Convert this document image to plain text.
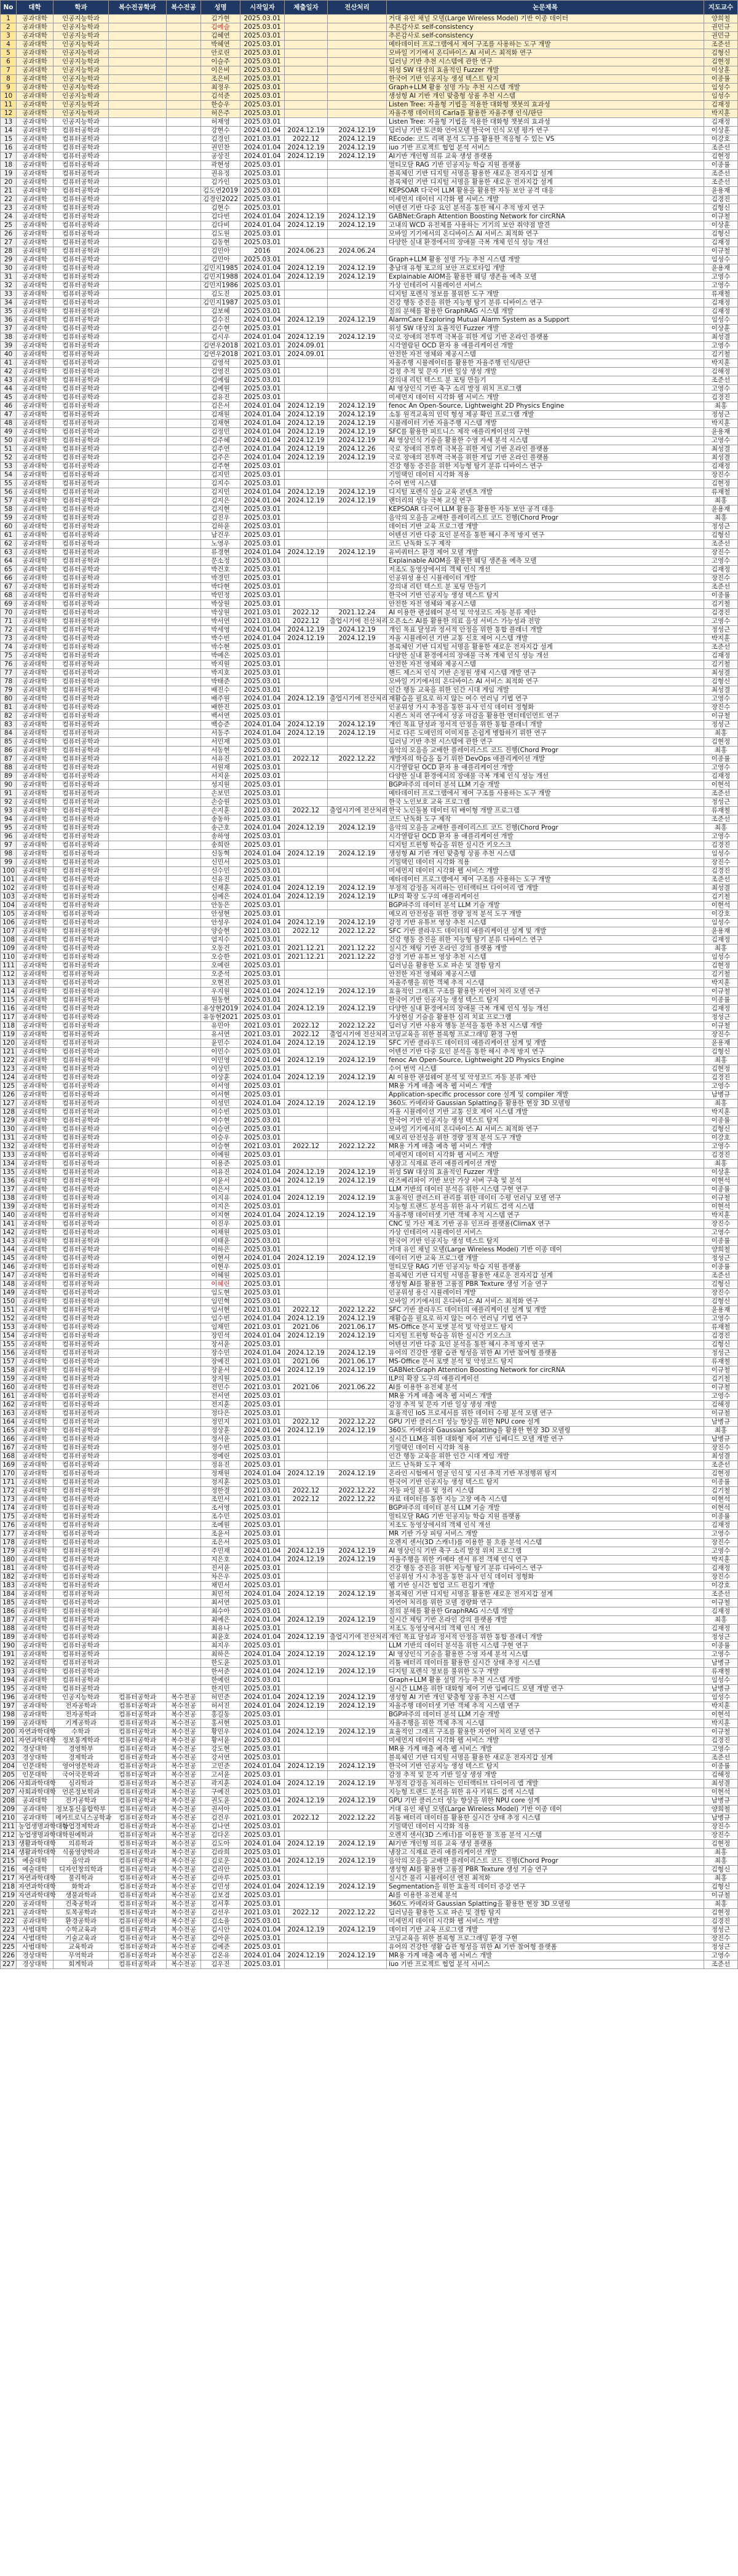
No	대학	학과	복수전공학과	복수전공	성명	시작일자	제출일자	전산처리	논문제목	지도교수
1	공과대학	인공지능학과			김가현	2025.03.01			거대 유인 채널 모델(Large Wireless Model) 기반 이종 데이터	양희철
2	공과대학	인공지능학과			김예슬	2025.03.01			추론감사로 self-consistency	권민규
3	공과대학	인공지능학과			김혜연	2025.03.01			추론감사로 self-consistency	권민규
4	공과대학	인공지능학과			박혜연	2025.03.01			메타데이터 프로그램에서 제어 구조를 사용하는 도구 개발	조준선
5	공과대학	인공지능학과			안로린	2025.03.01			모바일 기기에서 온디바이스 AI 서비스 최적화 연구	김형신
6	공과대학	인공지능학과			이슬주	2025.03.01			딥러닝 기반 추천 시스템에 관한 연구	김현정
7	공과대학	인공지능학과			이은비	2025.03.01			위성 SW 대상의 효율적인 Fuzzer 개발	이상훈
8	공과대학	인공지능학과			조은비	2025.03.01			한국어 기반 인공지능 생성 텍스트 탐지	이종률
9	공과대학	인공지능학과			최정우	2025.03.01			Graph+LLM 활용 설명 가능 추천 시스템 개발	임성수
10	공과대학	인공지능학과			김석준	2025.03.01			생성형 AI 기반 개인 맞춤형 상품 추천 시스템	임성수
11	공과대학	인공지능학과			한승우	2025.03.01			Listen Tree: 자율형 기법을 적용한 대화형 챗봇의 효과성	김재정
12	공과대학	인공지능학과			허은주	2025.03.01			자율주행 데이터의 Carla를 활용한 자율주행 인식/판단	박지훈
13	공과대학	인공지능학과			허재영	2025.03.01			Listen Tree: 자율형 기법을 적용한 대화형 챗봇의 효과성	김재정
14	공과대학	컴퓨터공학과			강현수	2024.01.04	2024.12.19	2024.12.19	딥러닝 기반 토큰화 언어모델 한국어 인식 모델 평가 연구	이상훈
15	공과대학	컴퓨터공학과			김경인	2021.03.01	2022.12	2024.12.19	REcode: 코드 리팩 분석 도구를 활용한 적응형 수 있는 VS	이강호
16	공과대학	컴퓨터공학과			권민찬	2024.01.04	2024.12.19	2024.12.19	iuo 기반 프로젝트 협업 분석 서비스	조준선
17	공과대학	컴퓨터공학과			공상진	2024.01.04	2024.12.19	2024.12.19	AI기반 개인형 의류 교육 생성 플랫폼	김현정
18	공과대학	컴퓨터공학과			곽현성	2025.03.01			멀티모달 RAG 기반 인공지능 학습 지원 플랫폼	이종률
19	공과대학	컴퓨터공학과			권유정	2025.03.01			블록체인 기반 디지털 서명을 활용한 새로운 전자지갑 설계	조준선
20	공과대학	컴퓨터공학과			김가인	2025.03.01			블록체인 기반 디지털 서명을 활용한 새로운 전자지갑 설계	조준선
21	공과대학	컴퓨터공학과			김도연2019	2025.03.01			KEPSOAR 다국어 LLM 활용을 활용한 자동 보안 공격 대응	윤용재
22	공과대학	컴퓨터공학과			김경인2022	2025.03.01			미세먼지 데이터 시각화 웹 서비스 개발	김경진
23	공과대학	컴퓨터공학과			김현수	2025.03.01			어텐션 기반 다중 요인 분석을 통한 해시 추적 방지 연구	김형신
24	공과대학	컴퓨터공학과			김다빈	2024.01.04	2024.12.19	2024.12.19	GABNet:Graph Attention Boosting Network for circRNA	이규철
25	공과대학	컴퓨터공학과			김다비	2024.01.04	2024.12.19	2024.12.19	고내의 WCD 유전체를 사용하는 기기의 보안 취약점 발견	이상훈
26	공과대학	컴퓨터공학과			김도원	2025.03.01			모바일 기기에서의 온디바이스 AI 서비스 최적화 연구	김형신
27	공과대학	컴퓨터공학과			김동현	2025.03.01			다양한 실내 환경에서의 장애물 극복 개체 인식 성능 개선	김재정
28	공과대학	컴퓨터공학과			김민아	2016	2024.06.23	2024.06.24		이규철
29	공과대학	컴퓨터공학과			김민아	2025.03.01			Graph+LLM 활용 설명 가능 추천 시스템 개발	임성수
30	공과대학	컴퓨터공학과			김민지1985	2024.01.04	2024.12.19	2024.12.19	충남대 유형 포고의 보안 프로토타입 개발	윤용재
31	공과대학	컴퓨터공학과			김민지1988	2024.01.04	2024.12.19	2024.12.19	Explainable AIOM을 활용한 웨딩 생존율 예측 모델	고영수
32	공과대학	컴퓨터공학과			김민지1986	2025.03.01			가상 인테리어 시뮬레이션 서비스	고영수
33	공과대학	컴퓨터공학과			김도진	2025.03.01			디지털 포렌식 정보를 불위한 도구 개발	류재철
34	공과대학	컴퓨터공학과			김민지1987	2025.03.01			건강 행동 증진을 위한 지능형 탐기 분류 디바이스 연구	김재정
35	공과대학	컴퓨터공학과			김보혜	2025.03.01			질의 분해를 활용한 GraphRAG 시스템 개발	김재정
36	공과대학	컴퓨터공학과			김수진	2024.01.04	2024.12.19	2024.12.19	AlarmCare Exploring Mutual Alarm System as a Support	임성수
37	공과대학	컴퓨터공학과			김수현	2025.03.01			위성 SW 대상의 효율적인 Fuzzer 개발	이상훈
38	공과대학	컴퓨터공학과			김시우	2024.01.04	2024.12.19	2024.12.19	국로 장애의 전투력 극복을 위한 게임 기반 온라인 플랫폼	최성결
39	공과대학	컴퓨터공학과			김연우2018	2021.03.01	2024.09.01		시각열람된 OCD 환자 용 애플리케이션 개발	고영수
40	공과대학	컴퓨터공학과			김연우2018	2021.03.01	2024.09.01		안전한 자전 영체와 제공시스템	김기철
41	공과대학	컴퓨터공학과			김영석	2025.03.01			자율주행 시뮬레이터를 활용한 자율주행 인식/판단	박지훈
42	공과대학	컴퓨터공학과			김영진	2025.03.01			검정 추적 및 문자 기반 일상 생성 개발	김해정
43	공과대학	컴퓨터공학과			김예림	2025.03.01			강의내 리턴 텍스트 분 포팅 만들기	조준선
44	공과대학	컴퓨터공학과			김예원	2025.03.01			AI 영상인식 기반 축구 소리 발정 위치 프로그램	고영수
45	공과대학	컴퓨터공학과			김유진	2025.03.01			미세먼지 데이터 시각화 웹 서비스 개발	김경진
46	공과대학	컴퓨터공학과			김은서	2024.01.04	2024.12.19	2024.12.19	fenoc An Open-Source, Lightweight 2D Physics Engine	최홍
47	공과대학	컴퓨터공학과			김재원	2024.01.04	2024.12.19	2024.12.19	소통 원격교육의 인덕 형성 제공 확인 프로그램 개발	정성근
48	공과대학	컴퓨터공학과			김재현	2024.01.04	2024.12.19	2024.12.19	시뮬레이터 기반 자율주행 시스템 개발	박지훈
49	공과대학	컴퓨터공학과			김정민	2024.01.04	2024.12.19	2024.12.19	SFC를 활용한 피트니스 제작 애플리케이션의 구현	윤용재
50	공과대학	컴퓨터공학과			김주혜	2024.01.04	2024.12.19	2024.12.19	AI 영상인식 기술을 활용한 수영 자세 분석 시스템	고영수
51	공과대학	컴퓨터공학과			김주연	2024.01.04	2024.12.19	2024.12.26	국로 장애의 전투력 극복을 위한 게임 기반 온라인 플랫폼	최성결
52	공과대학	컴퓨터공학과			김주은	2024.01.04	2024.12.19	2024.12.19	국로 장애의 전투력 극복을 위한 게임 기반 온라인 플랫폼	최성결
53	공과대학	컴퓨터공학과			김주현	2025.03.01			건강 행동 증진을 위한 지능형 탐기 분류 디바이스 연구	김재정
54	공과대학	컴퓨터공학과			김지민	2025.03.01			기밀택인 데이터 시각화 적용	장진수
55	공과대학	컴퓨터공학과			김지수	2025.03.01			수어 번역 시스템	김현정
56	공과대학	컴퓨터공학과			김지민	2024.01.04	2024.12.19	2024.12.19	디지털 포렌식 실습 교육 콘텐츠 개발	류재철
57	공과대학	컴퓨터공학과			김지은	2024.01.04	2024.12.19	2024.12.19	랜더리의 성능 극복 교실 연구	최홍
58	공과대학	컴퓨터공학과			김지현	2025.03.01			KEPSOAR 다국어 LLM 활용을 활용한 자동 보안 공격 대응	윤용재
59	공과대학	컴퓨터공학과			김진우	2025.03.01			음악의 모음을 교배한 플레이리스트 코드 진행(Chord Progr	최홍
60	공과대학	컴퓨터공학과			김하윤	2025.03.01			데이터 기반 교육 프로그램 개발	정성근
61	공과대학	컴퓨터공학과			남건우	2025.03.01			어텐션 기반 다중 요인 분석을 통한 해시 추적 방지 연구	김형신
62	공과대학	컴퓨터공학과			노영우	2025.03.01			코드 난독화 도구 제작	조준선
63	공과대학	컴퓨터공학과			류경현	2024.01.04	2024.12.19	2024.12.19	유비쿼터스 환경 제어 모델 개발	장진수
64	공과대학	컴퓨터공학과			문소정	2025.03.01			Explainable AIOM을 활용한 웨딩 생존율 예측 모델	고영수
65	공과대학	컴퓨터공학과			박건호	2025.03.01			저조도 동영상에서의 객체 인식 개선	김재정
66	공과대학	컴퓨터공학과			박경민	2025.03.01			인공위성 용신 시뮬레이터 개발	장진수
67	공과대학	컴퓨터공학과			박다현	2025.03.01			강의내 리턴 텍스트 분 포팅 만들기	조준선
68	공과대학	컴퓨터공학과			박민정	2025.03.01			한국어 기반 인공지능 생성 텍스트 탐지	이종률
69	공과대학	컴퓨터공학과			박상원	2025.03.01			안전한 자전 영체와 제공시스템	김기철
70	공과대학	컴퓨터공학과			박상원	2021.03.01	2022.12	2021.12.24	AI 이용한 랜섬웨어 분석 및 악성코드 자동 분류 제안	김경진
71	공과대학	컴퓨터공학과			박서연	2021.03.01	2022.12	출업시기에 전산처리	오픈소스 AI를 활용한 의료 음성 서비스 가능성과 전망	고영수
72	공과대학	컴퓨터공학과			박세영	2024.01.04	2024.12.19	2024.12.19	개인 목표 달성과 정서적 안정을 위한 통합 플래너 개발	정성근
73	공과대학	컴퓨터공학과			박수빈	2024.01.04	2024.12.19	2024.12.19	자율 시뮬레이션 기반 교통 신호 제어 시스템 개발	박지훈
74	공과대학	컴퓨터공학과			박수현	2025.03.01			블록체인 기반 디지털 서명을 활용한 새로운 전자지갑 설계	조준선
75	공과대학	컴퓨터공학과			박예은	2025.03.01			다양한 실내 환경에서의 장애물 극복 개체 인식 성능 개선	김재정
76	공과대학	컴퓨터공학과			박지원	2025.03.01			안전한 자전 영체와 제공시스템	김기철
77	공과대학	컴퓨터공학과			박지호	2025.03.01			핸드 제스처 인식 기반 손정원 생체 시스템 개발 연구	최성결
78	공과대학	컴퓨터공학과			박태준	2025.03.01			모바일 기기에서의 온디바이스 AI 서비스 최적화 연구	김형신
79	공과대학	컴퓨터공학과			배진수	2025.03.01			인간 행동 교육을 위한 인간 시대 게임 개발	최성결
80	공과대학	컴퓨터공학과			배주원	2024.01.04	2024.12.19	출업시기에 전산처리	재활습을 필요로 하지 않는 여수 언러닝 기법 연구	고영수
81	공과대학	컴퓨터공학과			배한진	2025.03.01			인공위성 가시 추정을 통한 유사 인식 데이터 정형화	장진수
82	공과대학	컴퓨터공학과			백서연	2025.03.01			시퀀스 처리 연구에서 성공 마감을 활용한 엔터테인먼트 연구	이규철
83	공과대학	컴퓨터공학과			백승준	2024.01.04	2024.12.19	2024.12.19	개인 목표 달성과 정서적 안정을 위한 통합 플래너 개발	정성근
84	공과대학	컴퓨터공학과			서동주	2024.01.04	2024.12.19	2024.12.19	서로 다른 도메인의 이미지를 손쉽게 병합하기 위한 연구	최홍
85	공과대학	컴퓨터공학과			서민재	2025.03.01			딥러닝 기반 추천 시스템에 관한 연구	김현정
86	공과대학	컴퓨터공학과			서동현	2025.03.01			음악의 모음을 교배한 플레이리스트 코드 진행(Chord Progr	최홍
87	공과대학	컴퓨터공학과			서유진	2021.03.01	2022.12	2022.12.22	개발자의 학습을 돕기 위한 DevOps 애플리케이션 개발	이종률
88	공과대학	컴퓨터공학과			서원재	2025.03.01			시각열람된 OCD 환자 용 애플리케이션 개발	고영수
89	공과대학	컴퓨터공학과			서지윤	2025.03.01			다양한 실내 환경에서의 장애물 극복 개체 인식 성능 개선	김재정
90	공과대학	컴퓨터공학과			성지원	2025.03.01			BGP파주의 데이터 분석 LLM 기술 개발	이현석
91	공과대학	컴퓨터공학과			손보민	2025.03.01			메타데이터 프로그램에서 제어 구조를 사용하는 도구 개발	조준선
92	공과대학	컴퓨터공학과			손승원	2025.03.01			한국 노인보호 교육 프로그램	정성근
93	공과대학	컴퓨터공학과			손지훈	2021.03.01	2022.12	출업시기에 전산처리	한국 노인돌봄 데이터 뒤 배이형 개발 프로그램	류재철
94	공과대학	컴퓨터공학과			송동하	2025.03.01			코드 난독화 도구 제작	조준선
95	공과대학	컴퓨터공학과			송근호	2024.01.04	2024.12.19	2024.12.19	음악의 모음을 교배한 플레이리스트 코드 진행(Chord Progr	최홍
96	공과대학	컴퓨터공학과			송하영	2025.03.01			시각열람된 OCD 환자 용 애플리케이션 개발	고영수
97	공과대학	컴퓨터공학과			송희란	2025.03.01			디지털 트윈형 학습을 위한 실시간 키오스크	김경진
98	공과대학	컴퓨터공학과			신동혁	2024.01.04	2024.12.19	2024.12.19	생성형 AI 기반 개인 맞춤형 상품 추천 시스템	임성수
99	공과대학	컴퓨터공학과			신민서	2025.03.01			기밀택인 데이터 시각화 적용	장진수
100	공과대학	컴퓨터공학과			신수민	2025.03.01			미세먼지 데이터 시각화 웹 서비스 개발	김경진
101	공과대학	컴퓨터공학과			신유진	2025.03.01			메타데이터 프로그램에서 제어 구조를 사용하는 도구 개발	조준선
102	공과대학	컴퓨터공학과			신재훈	2024.01.04	2024.12.19	2024.12.19	부정적 감정을 처리하는 인터랙티브 다이어리 앱 개발	최성결
103	공과대학	컴퓨터공학과			심예은	2024.01.04	2024.12.19	2024.12.19	ILP의 확장 도구의 애플리케이션	김기철
104	공과대학	컴퓨터공학과			안동은	2025.03.01			BGP파주의 데이터 분석 LLM 기술 개발	이현석
105	공과대학	컴퓨터공학과			안성현	2025.03.01			메모리 안전성을 위한 경량 정적 분석 도구 개발	이강호
106	공과대학	컴퓨터공학과			안성우	2024.01.04	2024.12.19	2024.12.19	감정 기반 유튜브 영상 추천 시스템	임성수
107	공과대학	컴퓨터공학과			양승현	2021.03.01	2022.12	2022.12.22	SFC 기반 클라우드 데이터의 애플리케이션 설계 및 개발	윤용재
108	공과대학	컴퓨터공학과			엄지수	2025.03.01			건강 행동 증진을 위한 지능형 탐기 분류 디바이스 연구	김재정
109	공과대학	컴퓨터공학과			오동건	2021.03.01	2021.12.21	2021.12.22	실시간 채팅 기반 온라인 강의 플랫폼 개발	최홍
110	공과대학	컴퓨터공학과			오승한	2021.03.01	2021.12.21	2021.12.22	감정 기반 유튜브 영상 추천 시스템	임성수
111	공과대학	컴퓨터공학과			오예린	2025.03.01			딥러닝을 활용한 도로 파손 및 결함 탐지	김현정
112	공과대학	컴퓨터공학과			오준석	2025.03.01			안전한 자전 영체와 제공시스템	김기철
113	공과대학	컴퓨터공학과			오현진	2025.03.01			자율주행을 위한 객체 추적 시스템	박지훈
114	공과대학	컴퓨터공학과			우지원	2024.01.04	2024.12.19	2024.12.19	효율적인 그래프 구조를 활용한 자연어 처리 모델 연구	이규철
115	공과대학	컴퓨터공학과			원동현	2025.03.01			한국어 기반 인공지능 생성 텍스트 탐지	이종률
116	공과대학	컴퓨터공학과			유상현2019	2024.01.04	2024.12.19	2024.12.19	다양한 실내 환경에서의 장애물 극복 개체 인식 성능 개선	김재정
117	공과대학	컴퓨터공학과			유동현2021	2025.03.01			가상현실 기술을 활용한 심리 치료 프로그램	정성근
118	공과대학	컴퓨터공학과			유민아	2021.03.01	2022.12	2022.12.22	딥러닝 기반 사용자 행동 분석을 통한 추천 시스템 개발	이규철
119	공과대학	컴퓨터공학과			유서연	2021.03.01	2022.12	출업시기에 전산처리	코딩교육을 위한 블록형 프로그래밍 환경 구현	장진수
120	공과대학	컴퓨터공학과			윤민수	2024.01.04	2024.12.19	2024.12.19	SFC 기반 클라우드 데이터의 애플리케이션 설계 및 개발	윤용재
121	공과대학	컴퓨터공학과			이민수	2025.03.01			어텐션 기반 다중 요인 분석을 통한 해시 추적 방지 연구	김형신
122	공과대학	컴퓨터공학과			이민영	2024.01.04	2024.12.19	2024.12.19	fenoc An Open-Source, Lightweight 2D Physics Engine	최홍
123	공과대학	컴퓨터공학과			이상민	2025.03.01			수어 번역 시스템	김현정
124	공과대학	컴퓨터공학과			이상훈	2024.01.04	2024.12.19	2024.12.19	AI 이용한 랜섬웨어 분석 및 악성코드 자동 분류 제안	김경진
125	공과대학	컴퓨터공학과			이서영	2025.03.01			MR용 가계 매출 예측 웹 서비스 개발	고영수
126	공과대학	컴퓨터공학과			이서현	2025.03.01			Application-specific processor core 설계 및 compiler 개발	남병규
127	공과대학	컴퓨터공학과			이성민	2024.01.04	2024.12.19	2024.12.19	360도 카메라와 Gaussian Splatting을 활용한 현장 3D 모델링	최홍
128	공과대학	컴퓨터공학과			이수빈	2025.03.01			자율 시뮬레이션 기반 교통 신호 제어 시스템 개발	박지훈
129	공과대학	컴퓨터공학과			이수현	2025.03.01			한국어 기반 인공지능 생성 텍스트 탐지	이종률
130	공과대학	컴퓨터공학과			이승연	2025.03.01			모바일 기기에서의 온디바이스 AI 서비스 최적화 연구	김형신
131	공과대학	컴퓨터공학과			이승우	2025.03.01			메모리 안전성을 위한 경량 정적 분석 도구 개발	이강호
132	공과대학	컴퓨터공학과			이승현	2021.03.01	2022.12	2022.12.22	MR용 가계 매출 예측 웹 서비스 개발	고영수
133	공과대학	컴퓨터공학과			이예원	2025.03.01			미세먼지 데이터 시각화 웹 서비스 개발	김경진
134	공과대학	컴퓨터공학과			이용준	2025.03.01			냉장고 식재료 관리 애플리케이션 개발	최홍
135	공과대학	컴퓨터공학과			이유진	2024.01.04	2024.12.19	2024.12.19	위성 SW 대상의 효율적인 Fuzzer 개발	이상훈
136	공과대학	컴퓨터공학과			이윤서	2024.01.04	2024.12.19	2024.12.19	라즈베리파이 기반 보안 가상 서버 구축 및 분석	이현석
137	공과대학	컴퓨터공학과			이은서	2025.03.01			LLM 기반의 데이터 분석을 위한 시스템 구현 연구	이종률
138	공과대학	컴퓨터공학과			이지유	2024.01.04	2024.12.19	2024.12.19	효율적인 클러스터 관리를 위한 데이터 수평 언러닝 모델 연구	이규철
139	공과대학	컴퓨터공학과			이지은	2025.03.01			지능형 트랜드 분석을 위한 유사 키워드 검색 시스템	이현석
140	공과대학	컴퓨터공학과			이지현	2024.01.04	2024.12.19	2024.12.19	자율주행 데이터셋 기반 객체 추적 시스템 연구	박지훈
141	공과대학	컴퓨터공학과			이진우	2025.03.01			CNC 및 가산 제조 기반 공유 인프라 플랫폼(ClimaX 연구	장진수
142	공과대학	컴퓨터공학과			이채원	2025.03.01			가상 인테리어 시뮬레이션 서비스	고영수
143	공과대학	컴퓨터공학과			이태윤	2025.03.01			한국어 기반 인공지능 생성 텍스트 탐지	이종률
144	공과대학	컴퓨터공학과			이하은	2025.03.01			거대 유인 채널 모델(Large Wireless Model) 기반 이종 데이	양희철
145	공과대학	컴퓨터공학과			이현서	2024.01.04	2024.12.19	2024.12.19	데이터 기반 교육 프로그램 개발	정성근
146	공과대학	컴퓨터공학과			이현우	2025.03.01			멀티모달 RAG 기반 인공지능 학습 지원 플랫폼	이종률
147	공과대학	컴퓨터공학과			이혜원	2025.03.01			블록체인 기반 디지털 서명을 활용한 새로운 전자지갑 설계	조준선
148	공과대학	컴퓨터공학과			이혜린	2025.03.01			생성형 AI를 활용한 고품질 PBR Texture 생성 기술 연구	김형신
149	공과대학	컴퓨터공학과			임도현	2025.03.01			인공위성 용신 시뮬레이터 개발	장진수
150	공과대학	컴퓨터공학과			임민혁	2025.03.01			모바일 기기에서의 온디바이스 AI 서비스 최적화 연구	김형신
151	공과대학	컴퓨터공학과			임서현	2021.03.01	2022.12	2022.12.22	SFC 기반 클라우드 데이터의 애플리케이션 설계 및 개발	윤용재
152	공과대학	컴퓨터공학과			임수빈	2024.01.04	2024.12.19	2024.12.19	재활습을 필요로 하지 않는 여수 언러닝 기법 연구	고영수
153	공과대학	컴퓨터공학과			임재민	2021.03.01	2021.06	2021.06.17	MS-Office 문서 포맷 분석 및 악성코드 탐지	류재철
154	공과대학	컴퓨터공학과			장민석	2024.01.04	2024.12.19	2024.12.19	디지털 트윈형 학습을 위한 실시간 키오스크	김경진
155	공과대학	컴퓨터공학과			장서윤	2025.03.01			어텐션 기반 다중 요인 분석을 통한 해시 추적 방지 연구	김형신
156	공과대학	컴퓨터공학과			장수민	2024.01.04	2024.12.19	2024.12.19	유어의 건강한 생활 습관 형성을 위한 AI 기반 참여형 플랫폼	정성근
157	공과대학	컴퓨터공학과			장예진	2021.03.01	2021.06	2021.06.17	MS-Office 문서 포맷 분석 및 악성코드 탐지	류재철
158	공과대학	컴퓨터공학과			장윤서	2024.01.04	2024.12.19	2024.12.19	GABNet:Graph Attention Boosting Network for circRNA	이규철
159	공과대학	컴퓨터공학과			장지원	2025.03.01			ILP의 확장 도구의 애플리케이션	김기철
160	공과대학	컴퓨터공학과			전민수	2021.03.01	2021.06	2021.06.22	AI를 이용한 유전체 분석	이규철
161	공과대학	컴퓨터공학과			전서연	2025.03.01			MR용 가계 매출 예측 웹 서비스 개발	고영수
162	공과대학	컴퓨터공학과			전지훈	2025.03.01			감정 추적 및 문자 기반 일상 생성 개발	김해정
163	공과대학	컴퓨터공학과			정다은	2025.03.01			효율적인 IoS 프로세서를 위한 데이터 수평 분석 모델 연구	이규철
164	공과대학	컴퓨터공학과			정민지	2021.03.01	2022.12	2022.12.22	GPU 기반 클러스터 성능 향상을 위한 NPU core 설계	남병규
165	공과대학	컴퓨터공학과			정상훈	2024.01.04	2024.12.19	2024.12.19	360도 카메라와 Gaussian Splatting을 활용한 현장 3D 모델링	최홍
166	공과대학	컴퓨터공학과			정서윤	2025.03.01			실시간 LLM을 위한 대화형 제어 기반 임베디드 모델 개발 연구	남병규
167	공과대학	컴퓨터공학과			정수빈	2025.03.01			기밀택인 데이터 시각화 적용	장진수
168	공과대학	컴퓨터공학과			정예린	2025.03.01			인간 행동 교육을 위한 인간 시대 게임 개발	최성결
169	공과대학	컴퓨터공학과			정유진	2025.03.01			코드 난독화 도구 제작	조준선
170	공과대학	컴퓨터공학과			정재원	2024.01.04	2024.12.19	2024.12.19	온라인 시험에서 얼굴 인식 및 시선 추적 기반 부정행위 탐지	김현정
171	공과대학	컴퓨터공학과			정지훈	2025.03.01			한국어 기반 인공지능 생성 텍스트 탐지	이종률
172	공과대학	컴퓨터공학과			정한결	2021.03.01	2022.12	2022.12.22	자동 파일 분류 및 정리 시스템	김기철
173	공과대학	컴퓨터공학과			조민서	2021.03.01	2022.12	2022.12.22	자료 데이터를 통한 지능 고장 예측 시스템	이현석
174	공과대학	컴퓨터공학과			조서영	2025.03.01			BGP파주의 데이터 분석 LLM 기술 개발	이현석
175	공과대학	컴퓨터공학과			조수민	2025.03.01			멀티모달 RAG 기반 인공지능 학습 지원 플랫폼	이종률
176	공과대학	컴퓨터공학과			조예원	2025.03.01			저조도 동영상에서의 객체 인식 개선	김재정
177	공과대학	컴퓨터공학과			조윤서	2025.03.01			MR 기반 가상 피팅 서비스 개발	고영수
178	공과대학	컴퓨터공학과			조은서	2025.03.01			오렌지 센서(3D 스캐너)를 이용한 물 흐름 분석 시스템	장진수
179	공과대학	컴퓨터공학과			주민재	2024.01.04	2024.12.19	2024.12.19	AI 영상인식 기반 축구 소리 발정 위치 프로그램	고영수
180	공과대학	컴퓨터공학과			지은호	2024.01.04	2024.12.19	2024.12.19	자율주행을 위한 카메라 센서 퓨전 객체 인식 연구	박지훈
181	공과대학	컴퓨터공학과			진서윤	2025.03.01			건강 행동 증진을 위한 지능형 탐기 분류 디바이스 연구	김재정
182	공과대학	컴퓨터공학과			차은우	2025.03.01			인공위성 가시 추정을 통한 유사 인식 데이터 정형화	장진수
183	공과대학	컴퓨터공학과			채민서	2025.03.01			웹 기반 실시간 협업 코드 편집기 개발	이강호
184	공과대학	컴퓨터공학과			최민석	2024.01.04	2024.12.19	2024.12.19	블록체인 기반 디지털 서명을 활용한 새로운 전자지갑 설계	조준선
185	공과대학	컴퓨터공학과			최서연	2025.03.01			자연어 처리를 위한 모델 경량화 연구	이규철
186	공과대학	컴퓨터공학과			최수아	2025.03.01			질의 분해를 활용한 GraphRAG 시스템 개발	김재정
187	공과대학	컴퓨터공학과			최예은	2024.01.04	2024.12.19	2024.12.19	실시간 채팅 기반 온라인 강의 플랫폼 개발	최홍
188	공과대학	컴퓨터공학과			최유나	2025.03.01			저조도 동영상에서의 객체 인식 개선	김재정
189	공과대학	컴퓨터공학과			최윤호	2024.01.04	2024.12.19	출업시기에 전산처리	개인 목표 달성과 정서적 안정을 위한 통합 플래너 개발	정성근
190	공과대학	컴퓨터공학과			최지우	2025.03.01			LLM 기반의 데이터 분석을 위한 시스템 구현 연구	이종률
191	공과대학	컴퓨터공학과			최하은	2024.01.04	2024.12.19	2024.12.19	AI 영상인식 기술을 활용한 수영 자세 분석 시스템	고영수
192	공과대학	컴퓨터공학과			한도윤	2025.03.01			리튬 배터리 데이터를 활용한 실시간 상태 추정 시스템	남병규
193	공과대학	컴퓨터공학과			한서준	2024.01.04	2024.12.19	2024.12.19	디지털 포렌식 정보를 불위한 도구 개발	류재철
194	공과대학	컴퓨터공학과			한예린	2025.03.01			Graph+LLM 활용 설명 가능 추천 시스템 개발	임성수
195	공과대학	컴퓨터공학과			한지민	2025.03.01			실시간 LLM을 위한 대화형 제어 기반 임베디드 모델 개발 연구	남병규
196	공과대학	인공지능학과	컴퓨터공학과	복수전공	허민준	2024.01.04	2024.12.19	2024.12.19	생성형 AI 기반 개인 맞춤형 상품 추천 시스템	임성수
197	공과대학	전자공학과	컴퓨터공학과	복수전공	허서진	2024.01.04	2024.12.19	2024.12.19	자율주행 데이터셋 기반 객체 추적 시스템 연구	박지훈
198	공과대학	전자공학과	컴퓨터공학과	복수전공	홍길동	2025.03.01			BGP파주의 데이터 분석 LLM 기술 개발	이현석
199	공과대학	기계공학과	컴퓨터공학과	복수전공	홍서현	2025.03.01			자율주행을 위한 객체 추적 시스템	박지훈
200	자연과학대학	수학과	컴퓨터공학과	복수전공	황민우	2024.01.04	2024.12.19	2024.12.19	효율적인 그래프 구조를 활용한 자연어 처리 모델 연구	이규철
201	자연과학대학	정보통계학과	컴퓨터공학과	복수전공	황서윤	2025.03.01			미세먼지 데이터 시각화 웹 서비스 개발	김경진
202	경상대학	경영학부	컴퓨터공학과	복수전공	강도현	2025.03.01			MR용 가계 매출 예측 웹 서비스 개발	고영수
203	경상대학	경제학과	컴퓨터공학과	복수전공	강서연	2025.03.01			블록체인 기반 디지털 서명을 활용한 새로운 전자지갑 설계	조준선
204	인문대학	영어영문학과	컴퓨터공학과	복수전공	고민준	2024.01.04	2024.12.19	2024.12.19	한국어 기반 인공지능 생성 텍스트 탐지	이종률
205	인문대학	국어국문학과	컴퓨터공학과	복수전공	고서윤	2025.03.01			감정 추적 및 문자 기반 일상 생성 개발	김해정
206	사회과학대학	심리학과	컴퓨터공학과	복수전공	곽지훈	2024.01.04	2024.12.19	2024.12.19	부정적 감정을 처리하는 인터랙티브 다이어리 앱 개발	최성결
207	사회과학대학	언론정보학과	컴퓨터공학과	복수전공	구예진	2025.03.01			지능형 트랜드 분석을 위한 유사 키워드 검색 시스템	이현석
208	공과대학	전기공학과	컴퓨터공학과	복수전공	권도윤	2024.01.04	2024.12.19	2024.12.19	GPU 기반 클러스터 성능 향상을 위한 NPU core 설계	남병규
209	공과대학	정보통신융합학부	컴퓨터공학과	복수전공	권서아	2025.03.01			거대 유인 채널 모델(Large Wireless Model) 기반 이종 데이	양희철
210	공과대학	메카트로닉스공학과	컴퓨터공학과	복수전공	김건우	2021.03.01	2022.12	2022.12.22	리튬 배터리 데이터를 활용한 실시간 상태 추정 시스템	남병규
211	농업생명과학대학	농업경제학과	컴퓨터공학과	복수전공	김나연	2025.03.01			기밀택인 데이터 시각화 적용	장진수
212	농업생명과학대학	원예학과	컴퓨터공학과	복수전공	김다온	2025.03.01			오렌지 센서(3D 스캐너)를 이용한 물 흐름 분석 시스템	장진수
213	생활과학대학	의류학과	컴퓨터공학과	복수전공	김도아	2024.01.04	2024.12.19	2024.12.19	AI기반 개인형 의류 교육 생성 플랫폼	김현정
214	생활과학대학	식품영양학과	컴퓨터공학과	복수전공	김라희	2025.03.01			냉장고 식재료 관리 애플리케이션 개발	최홍
215	예술대학	음악과	컴퓨터공학과	복수전공	김로운	2024.01.04	2024.12.19	2024.12.19	음악의 모음을 교배한 플레이리스트 코드 진행(Chord Progr	최홍
216	예술대학	디자인창의학과	컴퓨터공학과	복수전공	김리안	2025.03.01			생성형 AI를 활용한 고품질 PBR Texture 생성 기술 연구	김형신
217	자연과학대학	물리학과	컴퓨터공학과	복수전공	김마루	2025.03.01			실시간 물리 시뮬레이션 엔진 최적화	최홍
218	자연과학대학	화학과	컴퓨터공학과	복수전공	김민성	2024.01.04	2024.12.19	2024.12.19	Segmentation을 위한 효율적 데이터 증강 연구	김형신
219	자연과학대학	생물과학과	컴퓨터공학과	복수전공	김보겸	2025.03.01			AI를 이용한 유전체 분석	이규철
220	공과대학	건축공학과	컴퓨터공학과	복수전공	김서후	2025.03.01			360도 카메라와 Gaussian Splatting을 활용한 현장 3D 모델링	최홍
221	공과대학	토목공학과	컴퓨터공학과	복수전공	김선우	2021.03.01	2022.12	2022.12.22	딥러닝을 활용한 도로 파손 및 결함 탐지	김현정
222	공과대학	환경공학과	컴퓨터공학과	복수전공	김소율	2025.03.01			미세먼지 데이터 시각화 웹 서비스 개발	김경진
223	사범대학	수학교육과	컴퓨터공학과	복수전공	김시안	2024.01.04	2024.12.19	2024.12.19	데이터 기반 교육 프로그램 개발	정성근
224	사범대학	기술교육과	컴퓨터공학과	복수전공	김아윤	2025.03.01			코딩교육을 위한 블록형 프로그래밍 환경 구현	장진수
225	사범대학	교육학과	컴퓨터공학과	복수전공	김예준	2025.03.01			유어의 건강한 생활 습관 형성을 위한 AI 기반 참여형 플랫폼	정성근
226	경상대학	무역학과	컴퓨터공학과	복수전공	김온유	2024.01.04	2024.12.19	2024.12.19	MR용 가계 매출 예측 웹 서비스 개발	고영수
227	경상대학	회계학과	컴퓨터공학과	복수전공	김우진	2025.03.01			iuo 기반 프로젝트 협업 분석 서비스	조준선
